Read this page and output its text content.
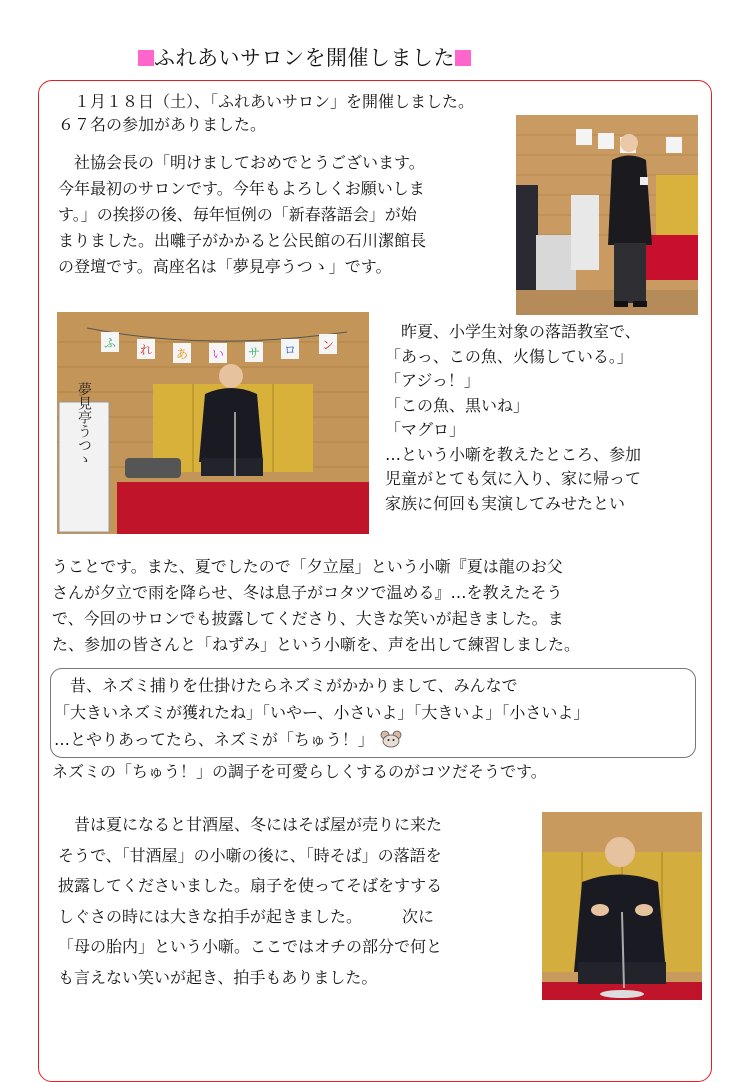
ふれあいサロンを開催しました
　１月１８日（土）、「ふれあいサロン」を開催しました。
６７名の参加がありました。
　社協会長の「明けましておめでとうございます。
今年最初のサロンです。今年もよろしくお願いしま
す。」の挨拶の後、毎年恒例の「新春落語会」が始
まりました。出囃子がかかると公民館の石川潔館長
の登壇です。高座名は「夢見亭うつゝ」です。
ふ れ あ い サ ロ ン
夢見亭うつゝ
　昨夏、小学生対象の落語教室で、
「あっ、この魚、火傷している。」
「アジっ！」
「この魚、黒いね」
「マグロ」
…という小噺を教えたところ、参加
児童がとても気に入り、家に帰って
家族に何回も実演してみせたとい
うことです。また、夏でしたので「夕立屋」という小噺『夏は龍のお父
さんが夕立で雨を降らせ、冬は息子がコタツで温める』…を教えたそう
で、今回のサロンでも披露してくださり、大きな笑いが起きました。ま
た、参加の皆さんと「ねずみ」という小噺を、声を出して練習しました。
　昔、ネズミ捕りを仕掛けたらネズミがかかりまして、みんなで
「大きいネズミが獲れたね」「いやー、小さいよ」「大きいよ」「小さいよ」
…とやりあってたら、ネズミが「ちゅう！」
ネズミの「ちゅう！」の調子を可愛らしくするのがコツだそうです。
　昔は夏になると甘酒屋、冬にはそば屋が売りに来た
そうで、「甘酒屋」の小噺の後に、「時そば」の落語を
披露してくださいました。扇子を使ってそばをすする
しぐさの時には大きな拍手が起きました。　　　次に
「母の胎内」という小噺。ここではオチの部分で何と
も言えない笑いが起き、拍手もありました。
